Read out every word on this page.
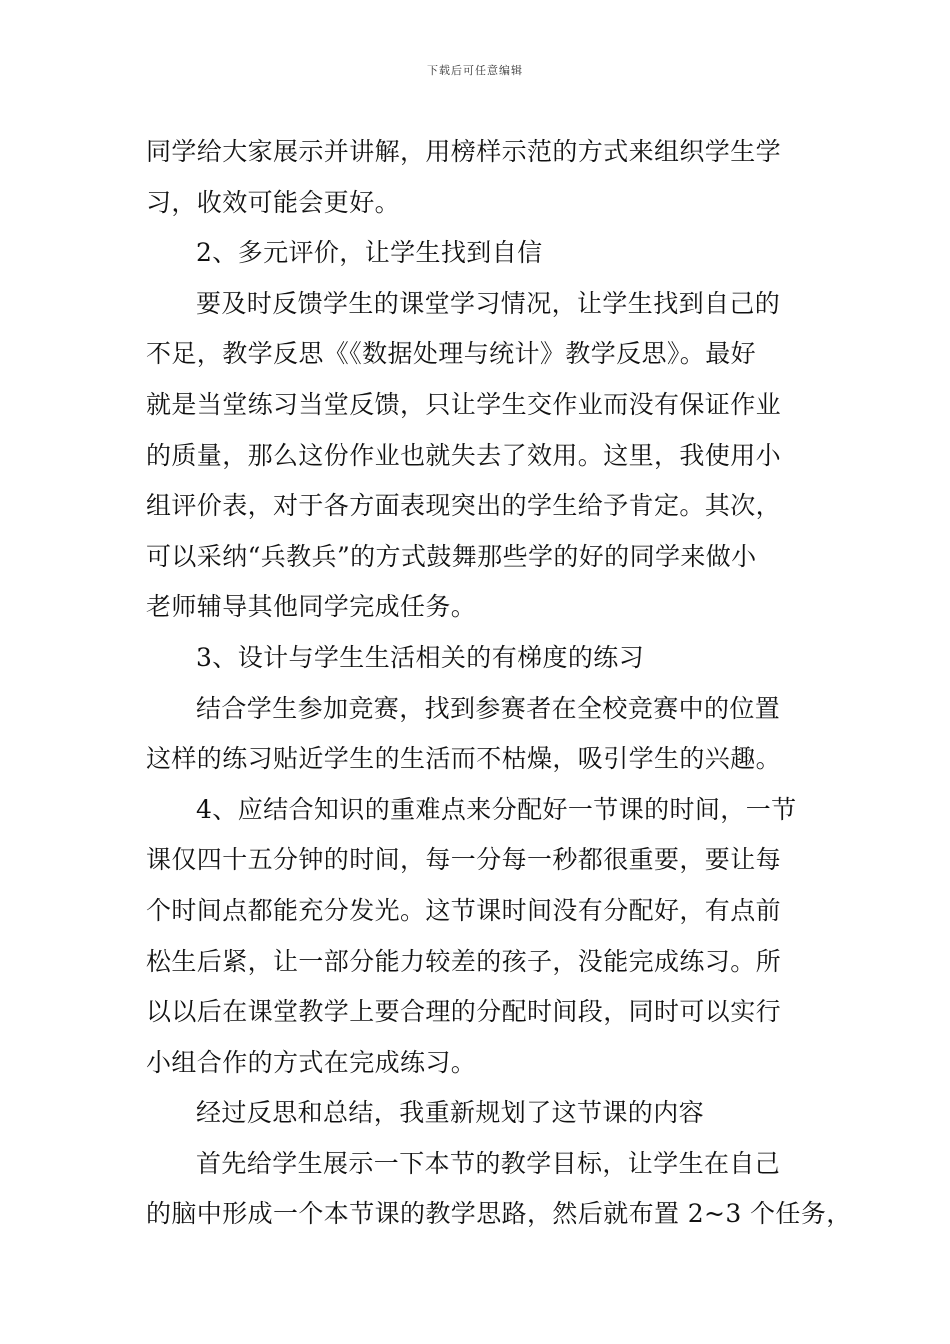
下载后可任意编辑
同学给大家展示并讲解，用榜样示范的方式来组织学生学
习，收效可能会更好。
2、多元评价，让学生找到自信
要及时反馈学生的课堂学习情况，让学生找到自己的
不足，教学反思《《数据处理与统计》教学反思》。最好
就是当堂练习当堂反馈，只让学生交作业而没有保证作业
的质量，那么这份作业也就失去了效用。这里，我使用小
组评价表，对于各方面表现突出的学生给予肯定。其次，
可以采纳“兵教兵”的方式鼓舞那些学的好的同学来做小
老师辅导其他同学完成任务。
3、设计与学生生活相关的有梯度的练习
结合学生参加竞赛，找到参赛者在全校竞赛中的位置
这样的练习贴近学生的生活而不枯燥，吸引学生的兴趣。
4、应结合知识的重难点来分配好一节课的时间，一节
课仅四十五分钟的时间，每一分每一秒都很重要，要让每
个时间点都能充分发光。这节课时间没有分配好，有点前
松生后紧，让一部分能力较差的孩子，没能完成练习。所
以以后在课堂教学上要合理的分配时间段，同时可以实行
小组合作的方式在完成练习。
经过反思和总结，我重新规划了这节课的内容
首先给学生展示一下本节的教学目标，让学生在自己
的脑中形成一个本节课的教学思路，然后就布置 2~3 个任务，
